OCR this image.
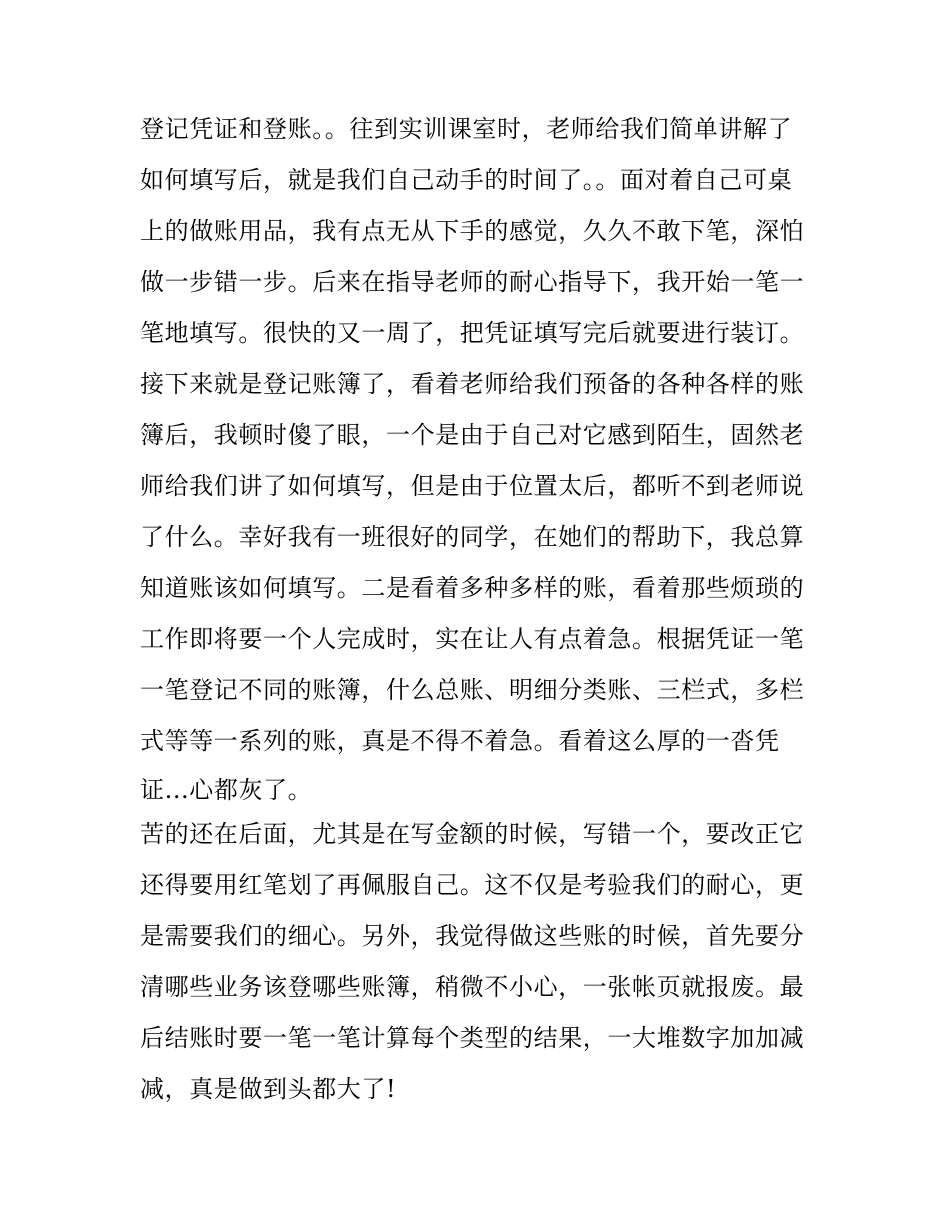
登记凭证和登账。。往到实训课室时，老师给我们简单讲解了
如何填写后，就是我们自己动手的时间了。。面对着自己可桌
上的做账用品，我有点无从下手的感觉，久久不敢下笔，深怕
做一步错一步。后来在指导老师的耐心指导下，我开始一笔一
笔地填写。很快的又一周了，把凭证填写完后就要进行装订。
接下来就是登记账簿了，看着老师给我们预备的各种各样的账
簿后，我顿时傻了眼，一个是由于自己对它感到陌生，固然老
师给我们讲了如何填写，但是由于位置太后，都听不到老师说
了什么。幸好我有一班很好的同学，在她们的帮助下，我总算
知道账该如何填写。二是看着多种多样的账，看着那些烦琐的
工作即将要一个人完成时，实在让人有点着急。根据凭证一笔
一笔登记不同的账簿，什么总账、明细分类账、三栏式，多栏
式等等一系列的账，真是不得不着急。看着这么厚的一沓凭
证...心都灰了。
苦的还在后面，尤其是在写金额的时候，写错一个，要改正它
还得要用红笔划了再佩服自己。这不仅是考验我们的耐心，更
是需要我们的细心。另外，我觉得做这些账的时候，首先要分
清哪些业务该登哪些账簿，稍微不小心，一张帐页就报废。最
后结账时要一笔一笔计算每个类型的结果，一大堆数字加加减
减，真是做到头都大了!
